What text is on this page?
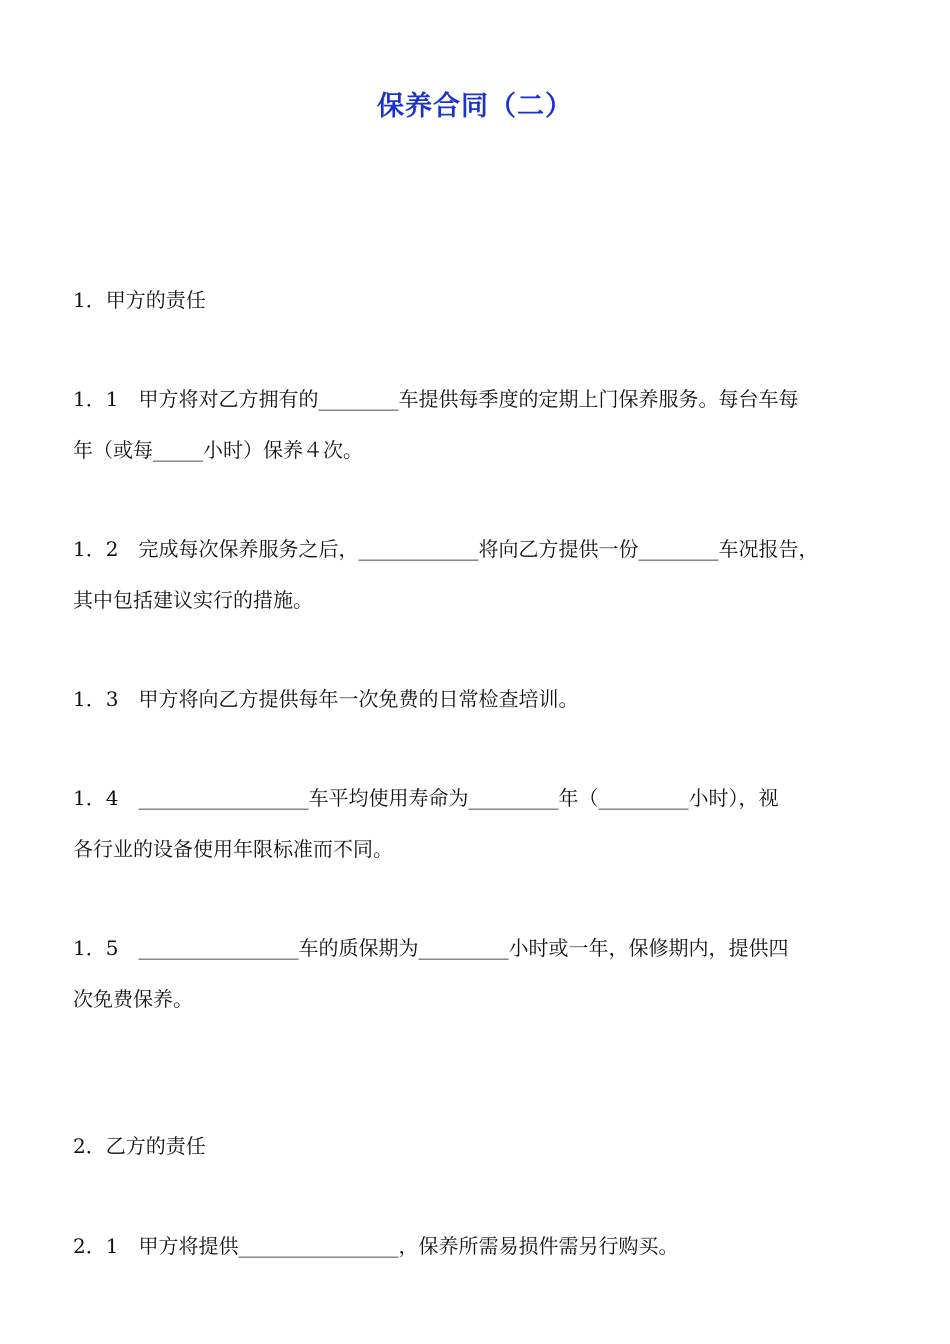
保养合同（二）
1．甲方的责任
1．1　甲方将对乙方拥有的________车提供每季度的定期上门保养服务。每台车每
年（或每_____小时）保养４次。
1．2　完成每次保养服务之后，____________将向乙方提供一份________车况报告，
其中包括建议实行的措施。
1．3　甲方将向乙方提供每年一次免费的日常检查培训。
1．4　_________________车平均使用寿命为_________年（_________小时），视
各行业的设备使用年限标准而不同。
1．5　________________车的质保期为_________小时或一年，保修期内，提供四
次免费保养。
2．乙方的责任
2．1　甲方将提供________________，保养所需易损件需另行购买。
